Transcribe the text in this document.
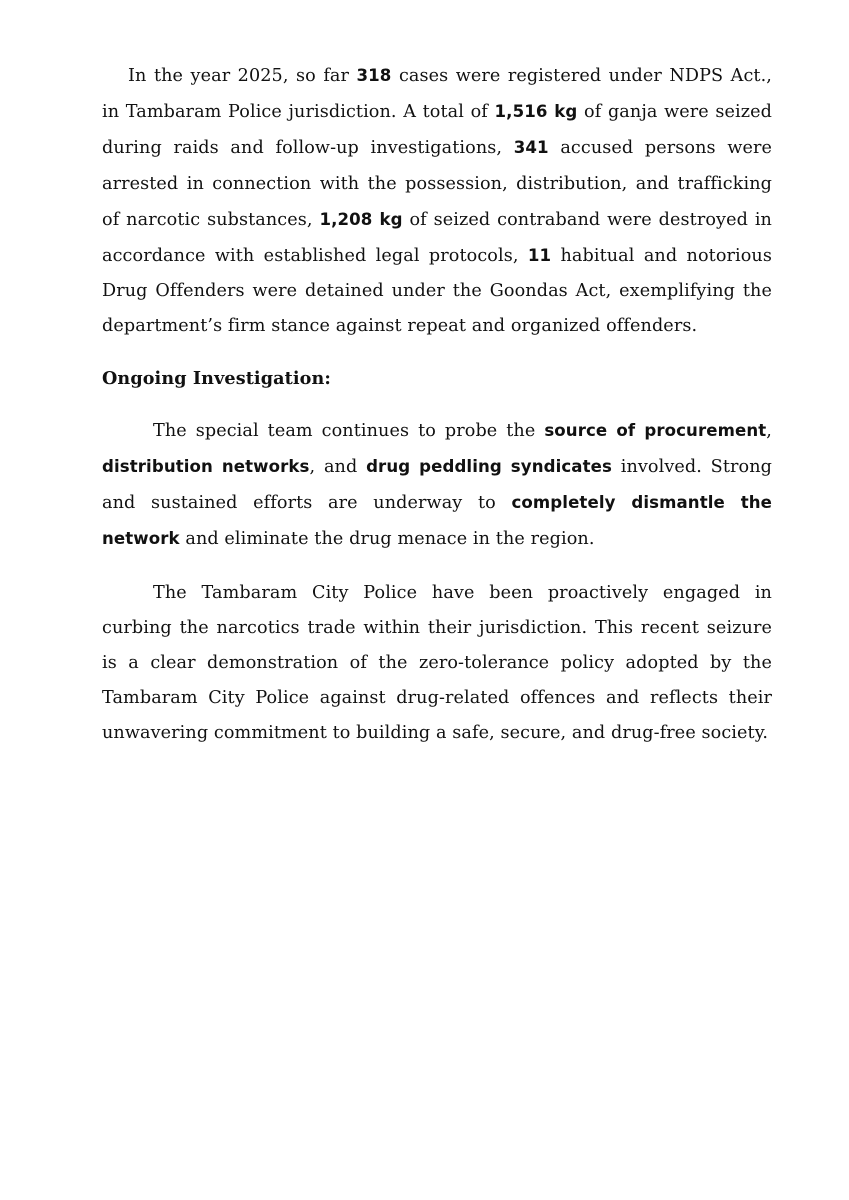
In the year 2025, so far 318 cases were registered under NDPS Act., in Tambaram Police jurisdiction. A total of 1,516 kg of ganja were seized during raids and follow-up investigations, 341 accused persons were arrested in connection with the possession, distribution, and trafficking of narcotic substances, 1,208 kg of seized contraband were destroyed in accordance with established legal protocols, 11 habitual and notorious Drug Offenders were detained under the Goondas Act, exemplifying the department’s firm stance against repeat and organized offenders.

Ongoing Investigation:

The special team continues to probe the source of procurement, distribution networks, and drug peddling syndicates involved. Strong and sustained efforts are underway to completely dismantle the network and eliminate the drug menace in the region.

The Tambaram City Police have been proactively engaged in curbing the narcotics trade within their jurisdiction. This recent seizure is a clear demonstration of the zero-tolerance policy adopted by the Tambaram City Police against drug-related offences and reflects their unwavering commitment to building a safe, secure, and drug-free society.
